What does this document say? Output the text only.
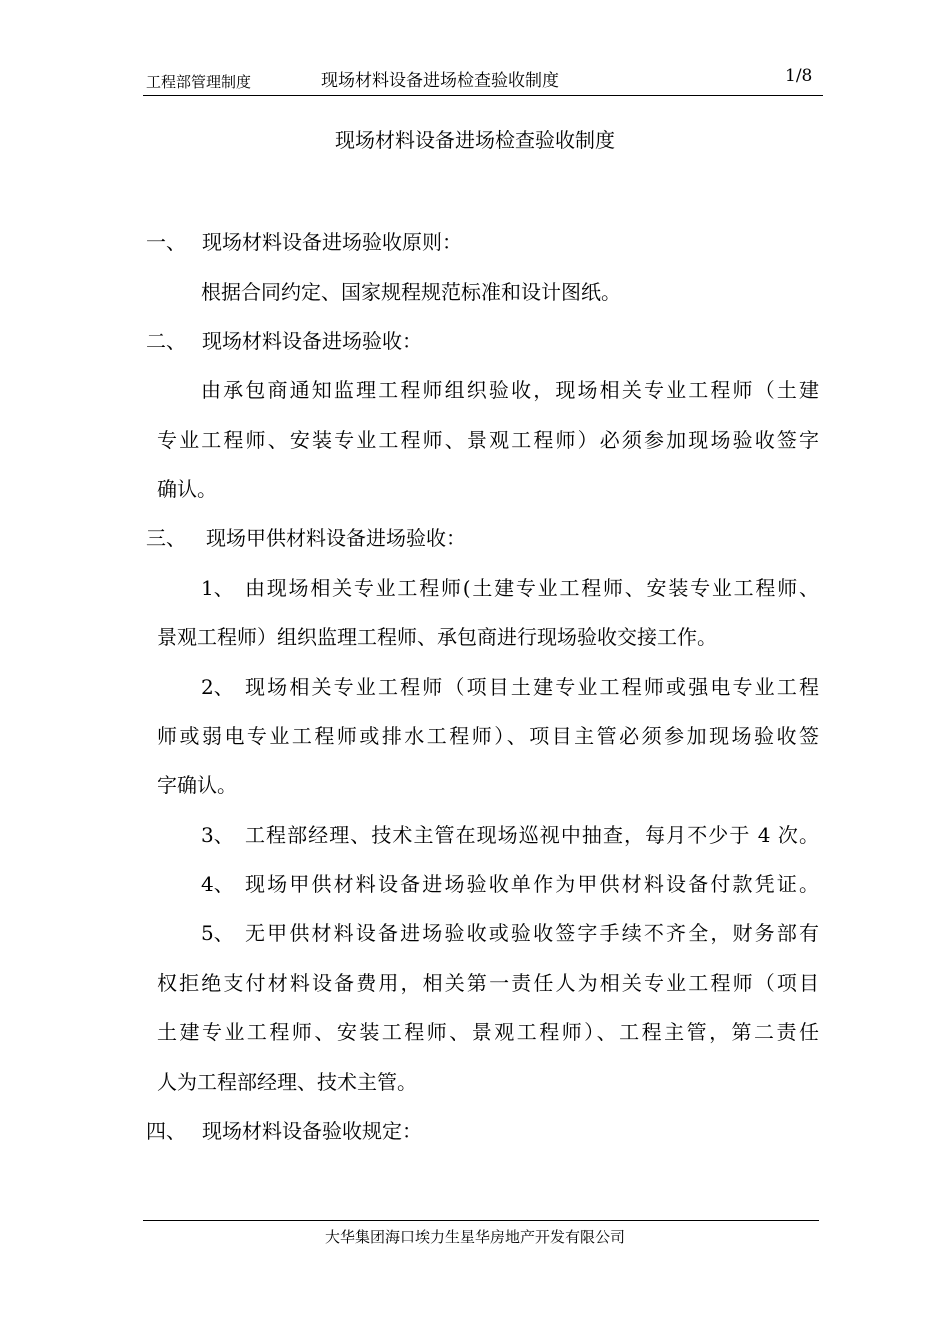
工程部管理制度	现场材料设备进场检查验收制度	1/8
现场材料设备进场检查验收制度
一、 现场材料设备进场验收原则：
根据合同约定、国家规程规范标准和设计图纸。
二、 现场材料设备进场验收：
由承包商通知监理工程师组织验收，现场相关专业工程师（土建
专业工程师、安装专业工程师、景观工程师）必须参加现场验收签字
确认。
三、 现场甲供材料设备进场验收：
1、 由现场相关专业工程师(土建专业工程师、安装专业工程师、
景观工程师）组织监理工程师、承包商进行现场验收交接工作。
2、 现场相关专业工程师（项目土建专业工程师或强电专业工程
师或弱电专业工程师或排水工程师）、项目主管必须参加现场验收签
字确认。
3、 工程部经理、技术主管在现场巡视中抽查，每月不少于 4 次。
4、 现场甲供材料设备进场验收单作为甲供材料设备付款凭证。
5、 无甲供材料设备进场验收或验收签字手续不齐全，财务部有
权拒绝支付材料设备费用，相关第一责任人为相关专业工程师（项目
土建专业工程师、安装工程师、景观工程师）、工程主管，第二责任
人为工程部经理、技术主管。
四、 现场材料设备验收规定：
大华集团海口埃力生星华房地产开发有限公司
